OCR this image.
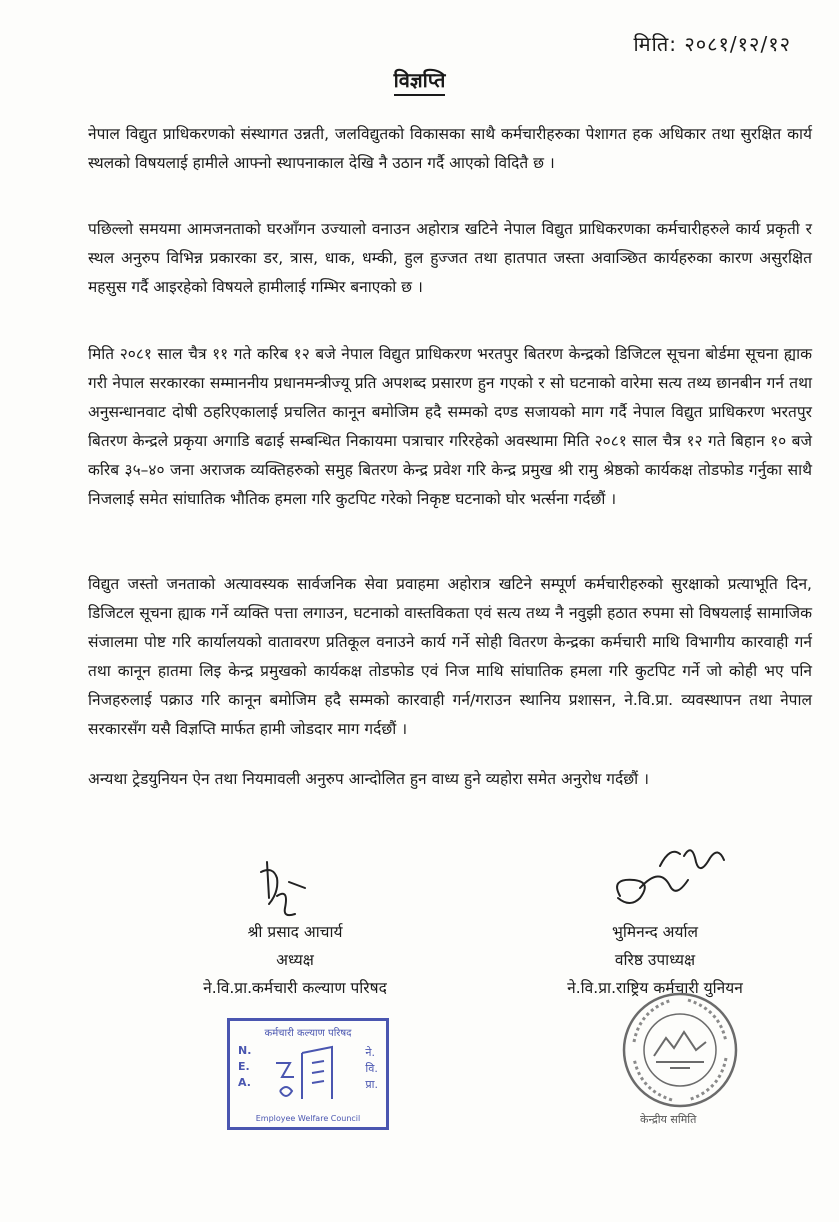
मिति: २०८१/१२/१२
विज्ञप्ति
नेपाल विद्युत प्राधिकरणको संस्थागत उन्नती, जलविद्युतको विकासका साथै कर्मचारीहरुका पेशागत हक अधिकार तथा सुरक्षित कार्य स्थलको विषयलाई हामीले आफ्नो स्थापनाकाल देखि नै उठान गर्दै आएको विदितै छ ।
पछिल्लो समयमा आमजनताको घरआँगन उज्यालो वनाउन अहोरात्र खटिने नेपाल विद्युत प्राधिकरणका कर्मचारीहरुले कार्य प्रकृती र स्थल अनुरुप विभिन्न प्रकारका डर, त्रास, धाक, धम्की, हुल हुज्जत तथा हातपात जस्ता अवाञ्छित कार्यहरुका कारण असुरक्षित महसुस गर्दै आइरहेको विषयले हामीलाई गम्भिर बनाएको छ ।
मिति २०८१ साल चैत्र ११ गते करिब १२ बजे नेपाल विद्युत प्राधिकरण भरतपुर बितरण केन्द्रको डिजिटल सूचना बोर्डमा सूचना ह्याक गरी नेपाल सरकारका सम्माननीय प्रधानमन्त्रीज्यू प्रति अपशब्द प्रसारण हुन गएको र सो घटनाको वारेमा सत्य तथ्य छानबीन गर्न तथा अनुसन्धानवाट दोषी ठहरिएकालाई प्रचलित कानून बमोजिम हदै सम्मको दण्ड सजायको माग गर्दै नेपाल विद्युत प्राधिकरण भरतपुर बितरण केन्द्रले प्रकृया अगाडि बढाई सम्बन्धित निकायमा पत्राचार गरिरहेको अवस्थामा मिति २०८१ साल चैत्र १२ गते बिहान १० बजे करिब ३५–४० जना अराजक व्यक्तिहरुको समुह बितरण केन्द्र प्रवेश गरि केन्द्र प्रमुख श्री रामु श्रेष्ठको कार्यकक्ष तोडफोड गर्नुका साथै निजलाई समेत सांघातिक भौतिक हमला गरि कुटपिट गरेको निकृष्ट घटनाको घोर भर्त्सना गर्दछौं ।
विद्युत जस्तो जनताको अत्यावस्यक सार्वजनिक सेवा प्रवाहमा अहोरात्र खटिने सम्पूर्ण कर्मचारीहरुको सुरक्षाको प्रत्याभूति दिन, डिजिटल सूचना ह्याक गर्ने व्यक्ति पत्ता लगाउन, घटनाको वास्तविकता एवं सत्य तथ्य नै नवुझी हठात रुपमा सो विषयलाई सामाजिक संजालमा पोष्ट गरि कार्यालयको वातावरण प्रतिकूल वनाउने कार्य गर्ने सोही वितरण केन्द्रका कर्मचारी माथि विभागीय कारवाही गर्न तथा कानून हातमा लिइ केन्द्र प्रमुखको कार्यकक्ष तोडफोड एवं निज माथि सांघातिक हमला गरि कुटपिट गर्ने जो कोही भए पनि निजहरुलाई पक्राउ गरि कानून बमोजिम हदै सम्मको कारवाही गर्न/गराउन स्थानिय प्रशासन, ने.वि.प्रा. व्यवस्थापन तथा नेपाल सरकारसँग यसै विज्ञप्ति मार्फत हामी जोडदार माग गर्दछौं ।
अन्यथा ट्रेडयुनियन ऐन तथा नियमावली अनुरुप आन्दोलित हुन वाध्य हुने व्यहोरा समेत अनुरोध गर्दछौं ।
श्री प्रसाद आचार्य
अध्यक्ष
ने.वि.प्रा.कर्मचारी कल्याण परिषद
भुमिनन्द अर्याल
वरिष्ठ उपाध्यक्ष
ने.वि.प्रा.राष्ट्रिय कर्मचारी युनियन
कर्मचारी कल्याण परिषद
N.
E.
A.
ने.
वि.
प्रा.
Employee Welfare Council	केन्द्रीय समिति
